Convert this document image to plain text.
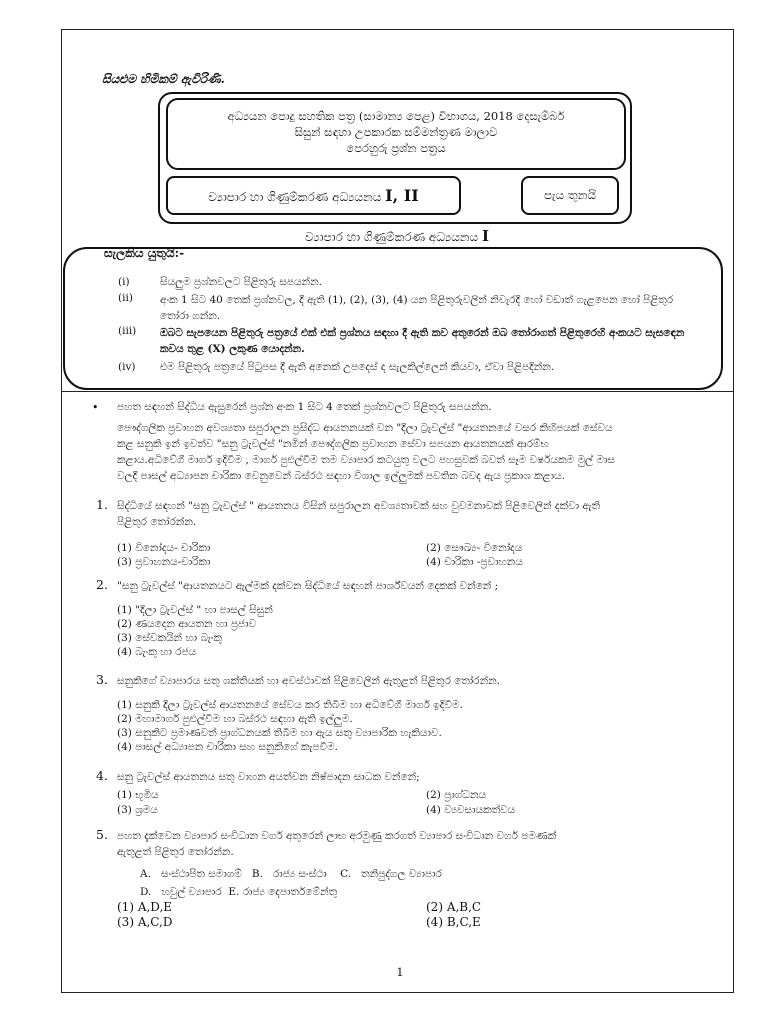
සියළුම හිමිකම් ඇවිරිණි.
අධ්‍යයන පොදු සහතික පත්‍ර (සාමාන්‍ය පෙළ) විභාගය, 2018 දෙසැම්බර්
සිසුන් සඳහා උපකාරක සම්මන්ත්‍රණ මාලාව
පෙරහුරු ප්‍රශ්න පත්‍රය
ව්‍යාපාර හා ගිණුම්කරණ අධ්‍යයනය I, II	පැය තුනයි
ව්‍යාපාර හා ගිණුම්කරණ අධ්‍යයනය I
සැලකිය යුතුයි:-
(i)	සියලුම ප්‍රශ්නවලට පිළිතුරු සපයන්න.
(ii)	අංක 1 සිට 40 තෙක් ප්‍රශ්නවල, දී ඇති (1), (2), (3), (4) යන පිළිතුරුවලින් නිවැරදි හෝ වඩාත් ගැළපෙන හෝ පිළිතුර තෝරා ගන්න.
(iii)	ඔබට සැපයෙන පිළිතුරු පත්‍රයේ එක් එක් ප්‍රශ්නය සඳහා දී ඇති කව අතුරෙන් ඔබ තෝරාගත් පිළිතුරෙහි අංකයට සැසඳෙන කවය තුළ (X) ලකුණ යොදන්න.
(iv)	එම පිළිතුරු පත්‍රයේ පිටුපස දී ඇති අනෙක් උපදෙස් ද සැලකිල්ලෙන් කියවා, ඒවා පිළිපදින්න.
• පහත සඳහන් සිද්ධිය ඇසුරෙන් ප්‍රශ්න අංක 1 සිට 4 තෙක් ප්‍රශ්නවලට පිළිතුරු සපයන්න.
පෞද්ගලික ප්‍රවාහන අවශ්‍යතා සපුරාලන ප්‍රසිද්ධ ආයතනයක් වන "දිලා ට්‍රැවල්ස් "ආයතනයේ වසර කිහිපයක් සේවය
කළ සනුකි ඉන් ඉවත්ව "සනු ට්‍රැවල්ස් "නමින් පෞද්ගලික ප්‍රවාහන සේවා සපයන ආයතනයක් ආරම්භ
කළාය.අධිවේගී මාර්ග ඉදිවීම , මාර්ග පුළුල්වීම තම ව්‍යාපාර කටයුතු වලට පහසුවක් බවත් සෑම වර්ෂයකම මුල් මාස
වලදී පාසල් අධ්‍යාපන චාරිකා වෙනුවෙන් බස්රථ සඳහා විශාල ඉල්ලුමක් පවතින බවද ඇය ප්‍රකාශ කළාය.
1. සිද්ධියේ සඳහන් "සනු ට්‍රැවල්ස් " ආයතනය විසින් සපුරාලන අවශ්‍යතාවක් සහ වුවමනාවක් පිළිවෙලින් දක්වා ඇති
පිළිතුර තෝරන්න.
(1) විනෝදය- චාරිකා	(2) සෞඛ්‍ය- විනෝදය
(3) ප්‍රවාහනය-චාරිකා	(4) චාරිකා -ප්‍රවාහනය
2. "සනු ට්‍රැවල්ස් "ආයතනයට ඇල්මක් දක්වන සිද්ධියේ සඳහන් පාර්ශ්වයන් දෙකක් වන්නේ ;
(1) "දිලා ට්‍රැවල්ස් " හා පාසල් සිසුන්
(2) ණයදෙන ආයතන හා ප්‍රජාව
(3) සේවකයින් හා බැංකු
(4) බැංකු හා රජය
3. සනුකිගේ ව්‍යාපාරය සතු ශක්තියක් හා අවස්ථාවක් පිළිවෙලින් ඇතුළත් පිළිතුර තෝරන්න.
(1) සනුකි දිලා ට්‍රැවල්ස් ආයතනයේ සේවය කර තිබීම හා අධිවේගී මාර්ග ඉදිවීම.
(2) මහාමාර්ග පුළුල්වීම හා බස්රථ සඳහා ඇති ඉල්ලුම.
(3) සනුකිට ප්‍රමාණවත් ප්‍රාග්ධනයක් තිබීම හා ඇය සතු ව්‍යාපාරික හැකියාව.
(4) පාසල් අධ්‍යාපන චාරිකා සහ සනුකිගේ කැපවීම.
4. සනු ට්‍රැවල්ස් ආයතනය සතු වාහන අයත්වන නිෂ්පාදන සාධක වන්නේ;
(1) භූමිය	(2) ප්‍රාග්ධනය
(3) ශ්‍රමය	(4) ව්‍යවසායකත්වය
5. පහත දැක්වෙන ව්‍යාපාර සංවිධාන වර්ග අතුරෙන් ලාභ අරමුණු කරගත් ව්‍යාපාර සංවිධාන වර්ග පමණක්
ඇතුළත් පිළිතුර තෝරන්න.
A.   සංස්ථාපිත සමාගම්   B.   රාජ්‍ය සංස්ථා    C.   තනිපුද්ගල ව්‍යාපාර
D.   හවුල් ව්‍යාපාර  E. රාජ්‍ය දෙපාර්තමේන්තු
(1) A,D,E	(2) A,B,C
(3) A,C,D	(4) B,C,E
1
